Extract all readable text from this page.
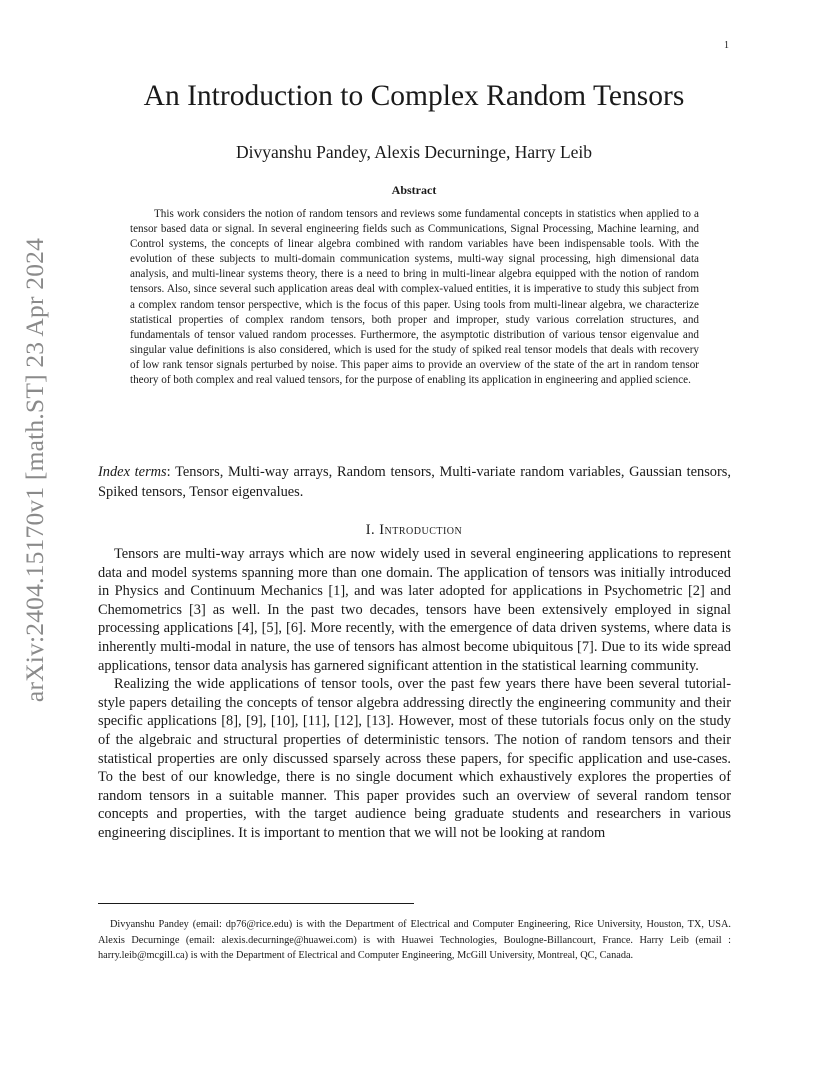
1
arXiv:2404.15170v1 [math.ST] 23 Apr 2024
An Introduction to Complex Random Tensors
Divyanshu Pandey, Alexis Decurninge, Harry Leib
Abstract

This work considers the notion of random tensors and reviews some fundamental concepts in statistics when applied to a tensor based data or signal. In several engineering fields such as Communications, Signal Processing, Machine learning, and Control systems, the concepts of linear algebra combined with random variables have been indispensable tools. With the evolution of these subjects to multi-domain communication systems, multi-way signal processing, high dimensional data analysis, and multi-linear systems theory, there is a need to bring in multi-linear algebra equipped with the notion of random tensors. Also, since several such application areas deal with complex-valued entities, it is imperative to study this subject from a complex random tensor perspective, which is the focus of this paper. Using tools from multi-linear algebra, we characterize statistical properties of complex random tensors, both proper and improper, study various correlation structures, and fundamentals of tensor valued random processes. Furthermore, the asymptotic distribution of various tensor eigenvalue and singular value definitions is also considered, which is used for the study of spiked real tensor models that deals with recovery of low rank tensor signals perturbed by noise. This paper aims to provide an overview of the state of the art in random tensor theory of both complex and real valued tensors, for the purpose of enabling its application in engineering and applied science.

Index terms: Tensors, Multi-way arrays, Random tensors, Multi-variate random variables, Gaussian tensors, Spiked tensors, Tensor eigenvalues.

I. Introduction

Tensors are multi-way arrays which are now widely used in several engineering applications to represent data and model systems spanning more than one domain. The application of tensors was initially introduced in Physics and Continuum Mechanics [1], and was later adopted for applications in Psychometric [2] and Chemometrics [3] as well. In the past two decades, tensors have been extensively employed in signal processing applications [4], [5], [6]. More recently, with the emergence of data driven systems, where data is inherently multi-modal in nature, the use of tensors has almost become ubiquitous [7]. Due to its wide spread applications, tensor data analysis has garnered significant attention in the statistical learning community.

Realizing the wide applications of tensor tools, over the past few years there have been several tutorial-style papers detailing the concepts of tensor algebra addressing directly the engineering community and their specific applications [8], [9], [10], [11], [12], [13]. However, most of these tutorials focus only on the study of the algebraic and structural properties of deterministic tensors. The notion of random tensors and their statistical properties are only discussed sparsely across these papers, for specific application and use-cases. To the best of our knowledge, there is no single document which exhaustively explores the properties of random tensors in a suitable manner. This paper provides such an overview of several random tensor concepts and properties, with the target audience being graduate students and researchers in various engineering disciplines. It is important to mention that we will not be looking at random

Divyanshu Pandey (email: dp76@rice.edu) is with the Department of Electrical and Computer Engineering, Rice University, Houston, TX, USA. Alexis Decurninge (email: alexis.decurninge@huawei.com) is with Huawei Technologies, Boulogne-Billancourt, France. Harry Leib (email : harry.leib@mcgill.ca) is with the Department of Electrical and Computer Engineering, McGill University, Montreal, QC, Canada.
